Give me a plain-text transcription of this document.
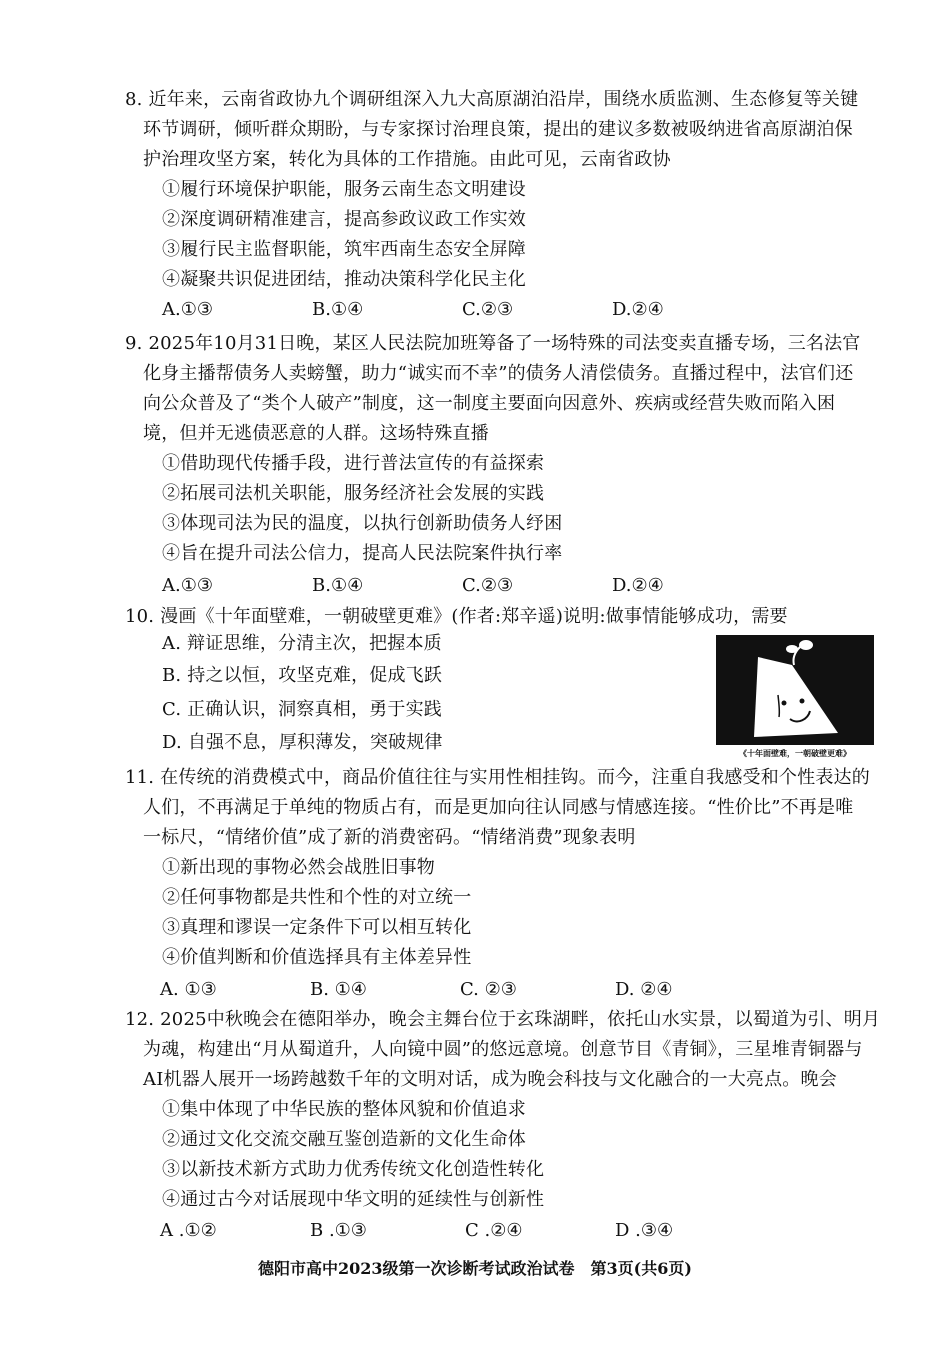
8. 近年来，云南省政协九个调研组深入九大高原湖泊沿岸，围绕水质监测、生态修复等关键
环节调研，倾听群众期盼，与专家探讨治理良策，提出的建议多数被吸纳进省高原湖泊保
护治理攻坚方案，转化为具体的工作措施。由此可见，云南省政协
①履行环境保护职能，服务云南生态文明建设
②深度调研精准建言，提高参政议政工作实效
③履行民主监督职能，筑牢西南生态安全屏障
④凝聚共识促进团结，推动决策科学化民主化
A.①③	B.①④	C.②③	D.②④
9. 2025年10月31日晚，某区人民法院加班筹备了一场特殊的司法变卖直播专场，三名法官
化身主播帮债务人卖螃蟹，助力“诚实而不幸”的债务人清偿债务。直播过程中，法官们还
向公众普及了“类个人破产”制度，这一制度主要面向因意外、疾病或经营失败而陷入困
境，但并无逃债恶意的人群。这场特殊直播
①借助现代传播手段，进行普法宣传的有益探索
②拓展司法机关职能，服务经济社会发展的实践
③体现司法为民的温度，以执行创新助债务人纾困
④旨在提升司法公信力，提高人民法院案件执行率
A.①③	B.①④	C.②③	D.②④
10. 漫画《十年面壁难，一朝破壁更难》(作者:郑辛遥)说明:做事情能够成功，需要
A. 辩证思维，分清主次，把握本质
B. 持之以恒，攻坚克难，促成飞跃
C. 正确认识，洞察真相，勇于实践
D. 自强不息，厚积薄发，突破规律
《十年面壁难，一朝破壁更难》
11. 在传统的消费模式中，商品价值往往与实用性相挂钩。而今，注重自我感受和个性表达的
人们，不再满足于单纯的物质占有，而是更加向往认同感与情感连接。“性价比”不再是唯
一标尺，“情绪价值”成了新的消费密码。“情绪消费”现象表明
①新出现的事物必然会战胜旧事物
②任何事物都是共性和个性的对立统一
③真理和谬误一定条件下可以相互转化
④价值判断和价值选择具有主体差异性
A. ①③	B. ①④	C. ②③	D. ②④
12. 2025中秋晚会在德阳举办，晚会主舞台位于玄珠湖畔，依托山水实景，以蜀道为引、明月
为魂，构建出“月从蜀道升，人向镜中圆”的悠远意境。创意节目《青铜》，三星堆青铜器与
AI机器人展开一场跨越数千年的文明对话，成为晚会科技与文化融合的一大亮点。晚会
①集中体现了中华民族的整体风貌和价值追求
②通过文化交流交融互鉴创造新的文化生命体
③以新技术新方式助力优秀传统文化创造性转化
④通过古今对话展现中华文明的延续性与创新性
A .①②	B .①③	C .②④	D .③④
德阳市高中2023级第一次诊断考试政治试卷　第3页(共6页)
